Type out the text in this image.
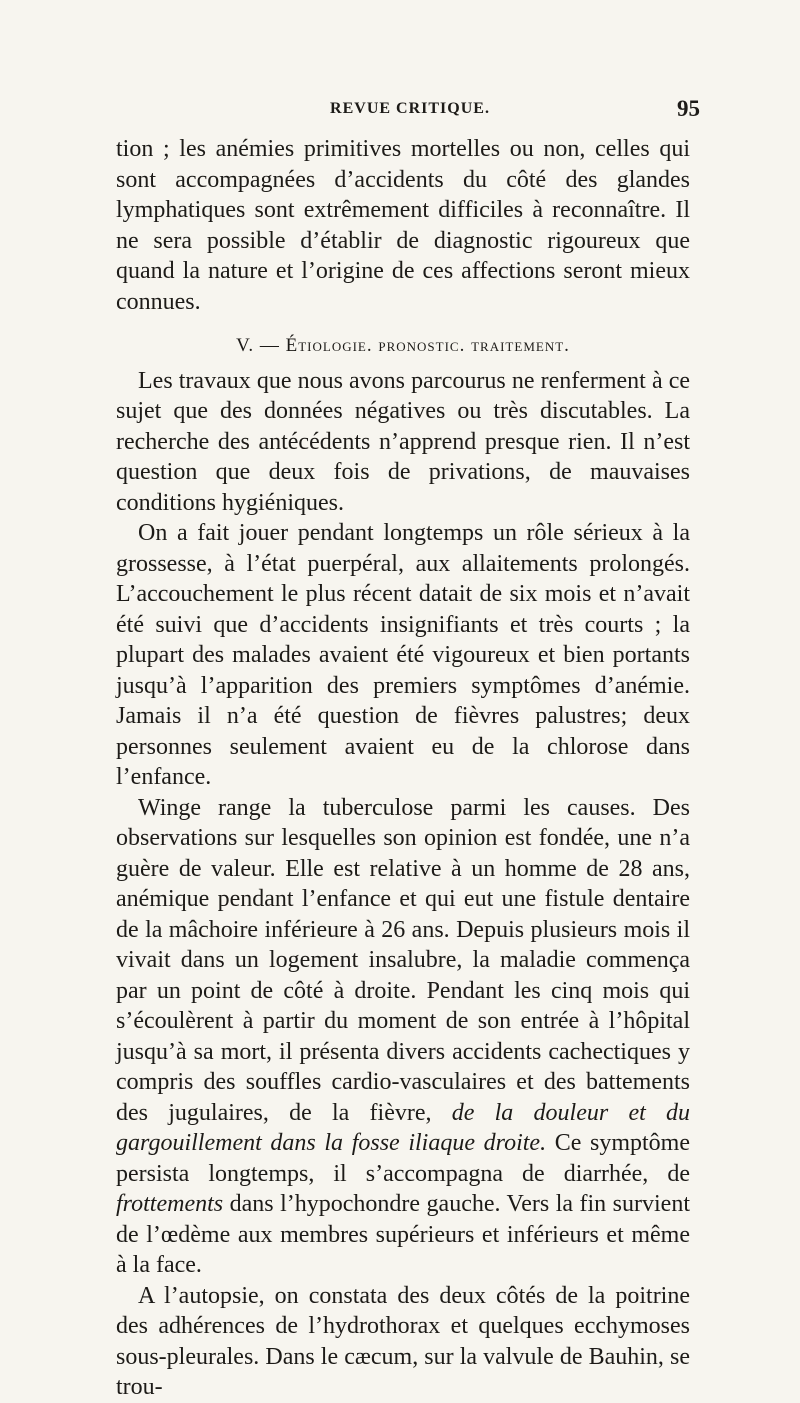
REVUE CRITIQUE.	95

tion ; les anémies primitives mortelles ou non, celles qui sont accompagnées d’accidents du côté des glandes lymphatiques sont extrêmement difficiles à reconnaître. Il ne sera possible d’établir de diagnostic rigoureux que quand la nature et l’origine de ces affections seront mieux connues.

V. — Étiologie. pronostic. traitement.

Les travaux que nous avons parcourus ne renferment à ce sujet que des données négatives ou très discutables. La recherche des antécédents n’apprend presque rien. Il n’est question que deux fois de privations, de mauvaises conditions hygiéniques.

On a fait jouer pendant longtemps un rôle sérieux à la grossesse, à l’état puerpéral, aux allaitements prolongés. L’accouchement le plus récent datait de six mois et n’avait été suivi que d’accidents insignifiants et très courts ; la plupart des malades avaient été vigoureux et bien portants jusqu’à l’apparition des premiers symptômes d’anémie. Jamais il n’a été question de fièvres palustres; deux personnes seulement avaient eu de la chlorose dans l’enfance.

Winge range la tuberculose parmi les causes. Des observations sur lesquelles son opinion est fondée, une n’a guère de valeur. Elle est relative à un homme de 28 ans, anémique pendant l’enfance et qui eut une fistule dentaire de la mâchoire inférieure à 26 ans. Depuis plusieurs mois il vivait dans un logement insalubre, la maladie commença par un point de côté à droite. Pendant les cinq mois qui s’écoulèrent à partir du moment de son entrée à l’hôpital jusqu’à sa mort, il présenta divers accidents cachectiques y compris des souffles cardio-vasculaires et des battements des jugulaires, de la fièvre, de la douleur et du gargouillement dans la fosse iliaque droite. Ce symptôme persista longtemps, il s’accompagna de diarrhée, de frottements dans l’hypochondre gauche. Vers la fin survient de l’œdème aux membres supérieurs et inférieurs et même à la face.

A l’autopsie, on constata des deux côtés de la poitrine des adhérences de l’hydrothorax et quelques ecchymoses sous-pleurales. Dans le cæcum, sur la valvule de Bauhin, se trou-
